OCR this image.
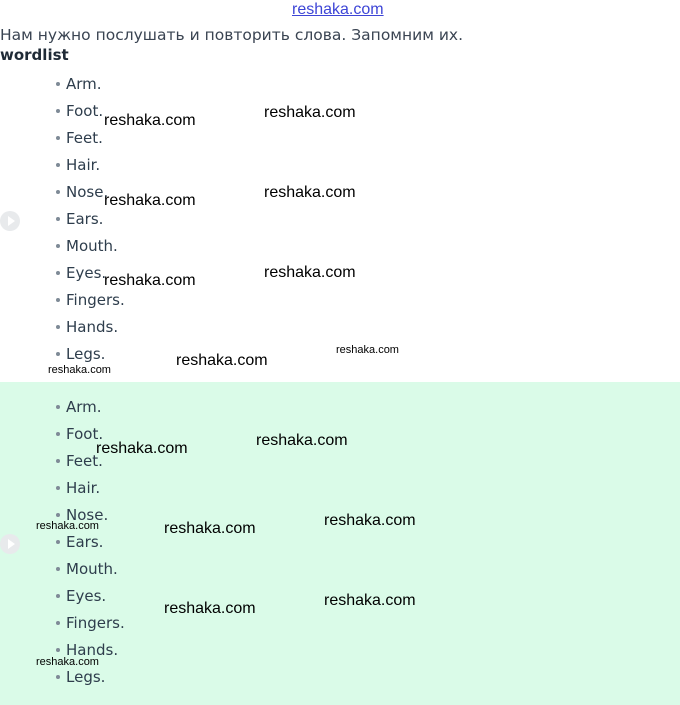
reshaka.com
Нам нужно послушать и повторить слова. Запомним их.
wordlist
Arm.
Foot.
Feet.
Hair.
Nose.
Ears.
Mouth.
Eyes.
Fingers.
Hands.
Legs.
Arm.
Foot.
Feet.
Hair.
Nose.
Ears.
Mouth.
Eyes.
Fingers.
Hands.
Legs.
reshaka.com	reshaka.com
reshaka.com	reshaka.com
reshaka.com	reshaka.com
reshaka.com
reshaka.com
reshaka.com
reshaka.com	reshaka.com
reshaka.com	reshaka.com	reshaka.com
reshaka.com	reshaka.com
reshaka.com
